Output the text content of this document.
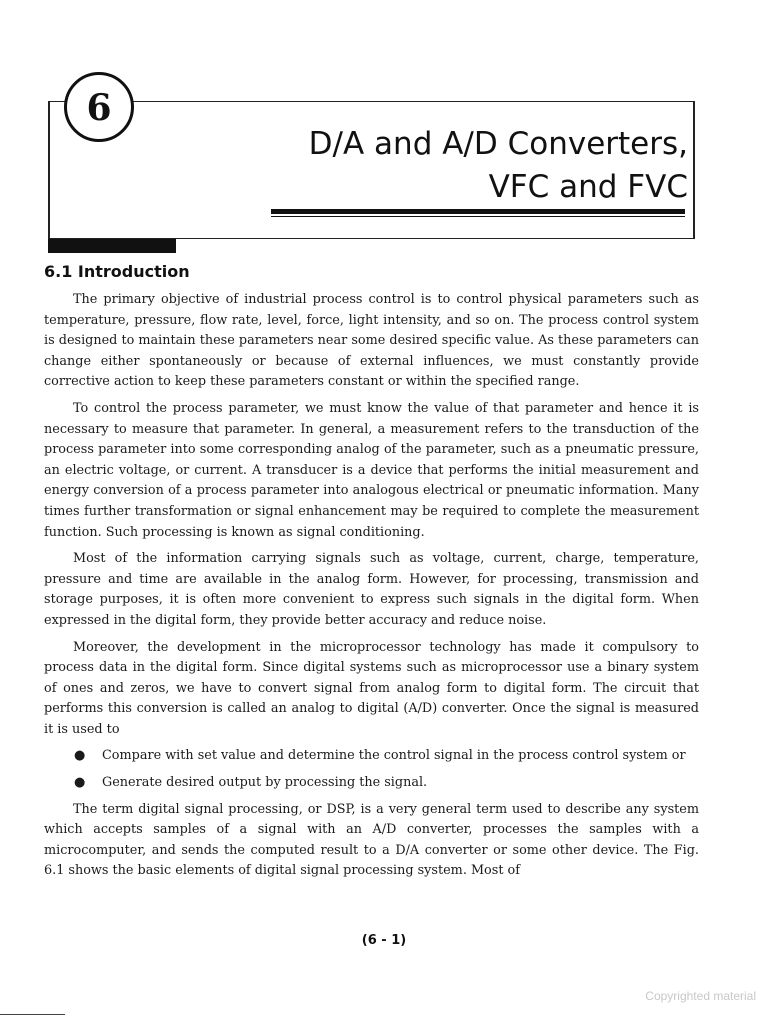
6
D/A and A/D Converters,
VFC and FVC
6.1 Introduction

The primary objective of industrial process control is to control physical parameters such as temperature, pressure, flow rate, level, force, light intensity, and so on. The process control system is designed to maintain these parameters near some desired specific value. As these parameters can change either spontaneously or because of external influences, we must constantly provide corrective action to keep these parameters constant or within the specified range.

To control the process parameter, we must know the value of that parameter and hence it is necessary to measure that parameter. In general, a measurement refers to the transduction of the process parameter into some corresponding analog of the parameter, such as a pneumatic pressure, an electric voltage, or current. A transducer is a device that performs the initial measurement and energy conversion of a process parameter into analogous electrical or pneumatic information. Many times further transformation or signal enhancement may be required to complete the measurement function. Such processing is known as signal conditioning.

Most of the information carrying signals such as voltage, current, charge, temperature, pressure and time are available in the analog form. However, for processing, transmission and storage purposes, it is often more convenient to express such signals in the digital form. When expressed in the digital form, they provide better accuracy and reduce noise.

Moreover, the development in the microprocessor technology has made it compulsory to process data in the digital form. Since digital systems such as microprocessor use a binary system of ones and zeros, we have to convert signal from analog form to digital form. The circuit that performs this conversion is called an analog to digital (A/D) converter. Once the signal is measured it is used to

● Compare with set value and determine the control signal in the process control system or
● Generate desired output by processing the signal.

The term digital signal processing, or DSP, is a very general term used to describe any system which accepts samples of a signal with an A/D converter, processes the samples with a microcomputer, and sends the computed result to a D/A converter or some other device. The Fig. 6.1 shows the basic elements of digital signal processing system. Most of

(6 - 1)
Copyrighted material
